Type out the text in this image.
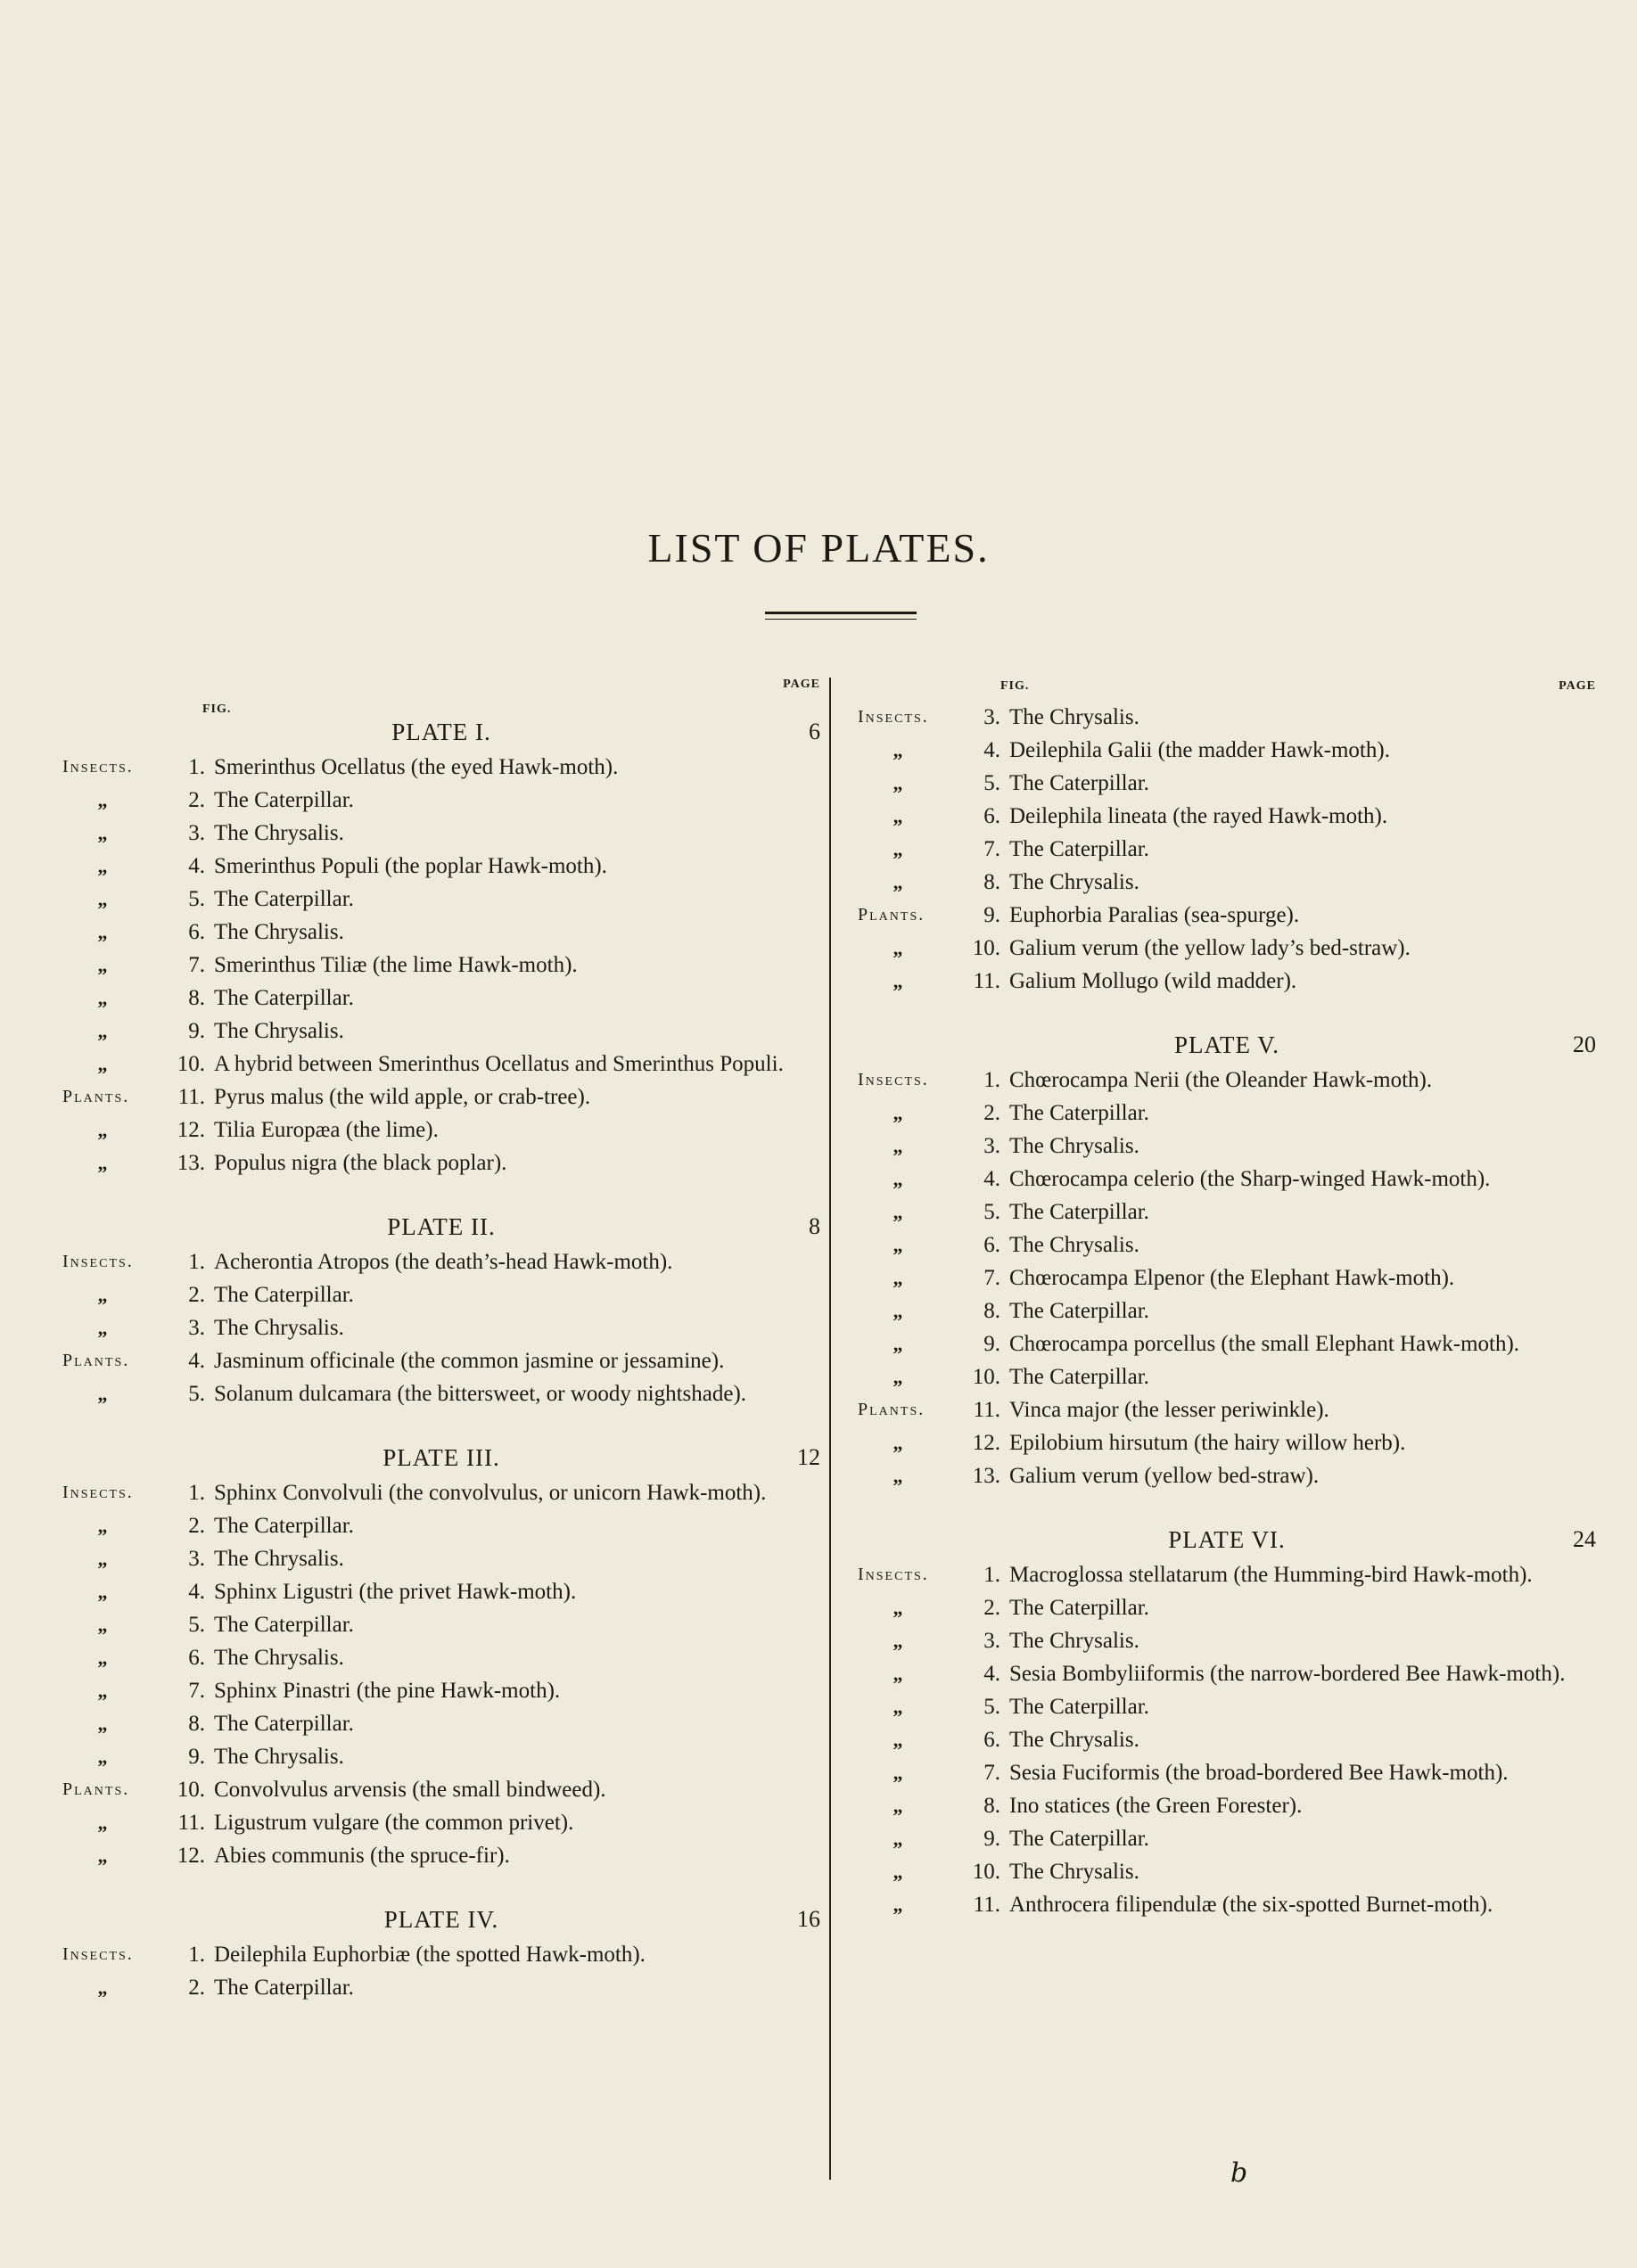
LIST OF PLATES.
PAGE
FIG.
PLATE I.	6
Insects.	1. Smerinthus Ocellatus (the eyed Hawk-moth).
„	2. The Caterpillar.
„	3. The Chrysalis.
„	4. Smerinthus Populi (the poplar Hawk-moth).
„	5. The Caterpillar.
„	6. The Chrysalis.
„	7. Smerinthus Tiliæ (the lime Hawk-moth).
„	8. The Caterpillar.
„	9. The Chrysalis.
„	10. A hybrid between Smerinthus Ocellatus and Smerinthus Populi.
Plants.	11. Pyrus malus (the wild apple, or crab-tree).
„	12. Tilia Europæa (the lime).
„	13. Populus nigra (the black poplar).
PLATE II.	8
Insects.	1. Acherontia Atropos (the death’s-head Hawk-moth).
„	2. The Caterpillar.
„	3. The Chrysalis.
Plants.	4. Jasminum officinale (the common jasmine or jessamine).
„	5. Solanum dulcamara (the bittersweet, or woody nightshade).
PLATE III.	12
Insects.	1. Sphinx Convolvuli (the convolvulus, or unicorn Hawk-moth).
„	2. The Caterpillar.
„	3. The Chrysalis.
„	4. Sphinx Ligustri (the privet Hawk-moth).
„	5. The Caterpillar.
„	6. The Chrysalis.
„	7. Sphinx Pinastri (the pine Hawk-moth).
„	8. The Caterpillar.
„	9. The Chrysalis.
Plants.	10. Convolvulus arvensis (the small bindweed).
„	11. Ligustrum vulgare (the common privet).
„	12. Abies communis (the spruce-fir).
PLATE IV.	16
Insects.	1. Deilephila Euphorbiæ (the spotted Hawk-moth).
„	2. The Caterpillar.
FIG.	PAGE
Insects.	3. The Chrysalis.
„	4. Deilephila Galii (the madder Hawk-moth).
„	5. The Caterpillar.
„	6. Deilephila lineata (the rayed Hawk-moth).
„	7. The Caterpillar.
„	8. The Chrysalis.
Plants.	9. Euphorbia Paralias (sea-spurge).
„	10. Galium verum (the yellow lady’s bed-straw).
„	11. Galium Mollugo (wild madder).
PLATE V.	20
Insects.	1. Chœrocampa Nerii (the Oleander Hawk-moth).
„	2. The Caterpillar.
„	3. The Chrysalis.
„	4. Chœrocampa celerio (the Sharp-winged Hawk-moth).
„	5. The Caterpillar.
„	6. The Chrysalis.
„	7. Chœrocampa Elpenor (the Elephant Hawk-moth).
„	8. The Caterpillar.
„	9. Chœrocampa porcellus (the small Elephant Hawk-moth).
„	10. The Caterpillar.
Plants.	11. Vinca major (the lesser periwinkle).
„	12. Epilobium hirsutum (the hairy willow herb).
„	13. Galium verum (yellow bed-straw).
PLATE VI.	24
Insects.	1. Macroglossa stellatarum (the Humming-bird Hawk-moth).
„	2. The Caterpillar.
„	3. The Chrysalis.
„	4. Sesia Bombyliiformis (the narrow-bordered Bee Hawk-moth).
„	5. The Caterpillar.
„	6. The Chrysalis.
„	7. Sesia Fuciformis (the broad-bordered Bee Hawk-moth).
„	8. Ino statices (the Green Forester).
„	9. The Caterpillar.
„	10. The Chrysalis.
„	11. Anthrocera filipendulæ (the six-spotted Burnet-moth).
b
